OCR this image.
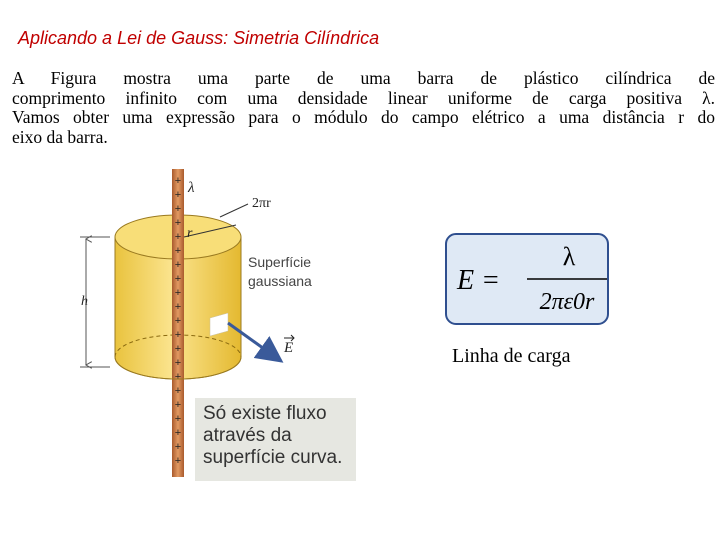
Aplicando a Lei de Gauss: Simetria Cilíndrica

A Figura mostra uma parte de uma barra de plástico cilíndrica de

comprimento infinito com uma densidade linear uniforme de carga positiva λ.

Vamos obter uma expressão para o módulo do campo elétrico a uma distância r do

eixo da barra.

+
+
+
+
+
+
+
+
+
+
+
+
+
+
+
+
+
+
+
+
+
r
λ
2πr
h
Superfície
gaussiana
E
Só existe fluxo
através da
superfície curva.
E =
λ
2πε0r
Linha de carga
